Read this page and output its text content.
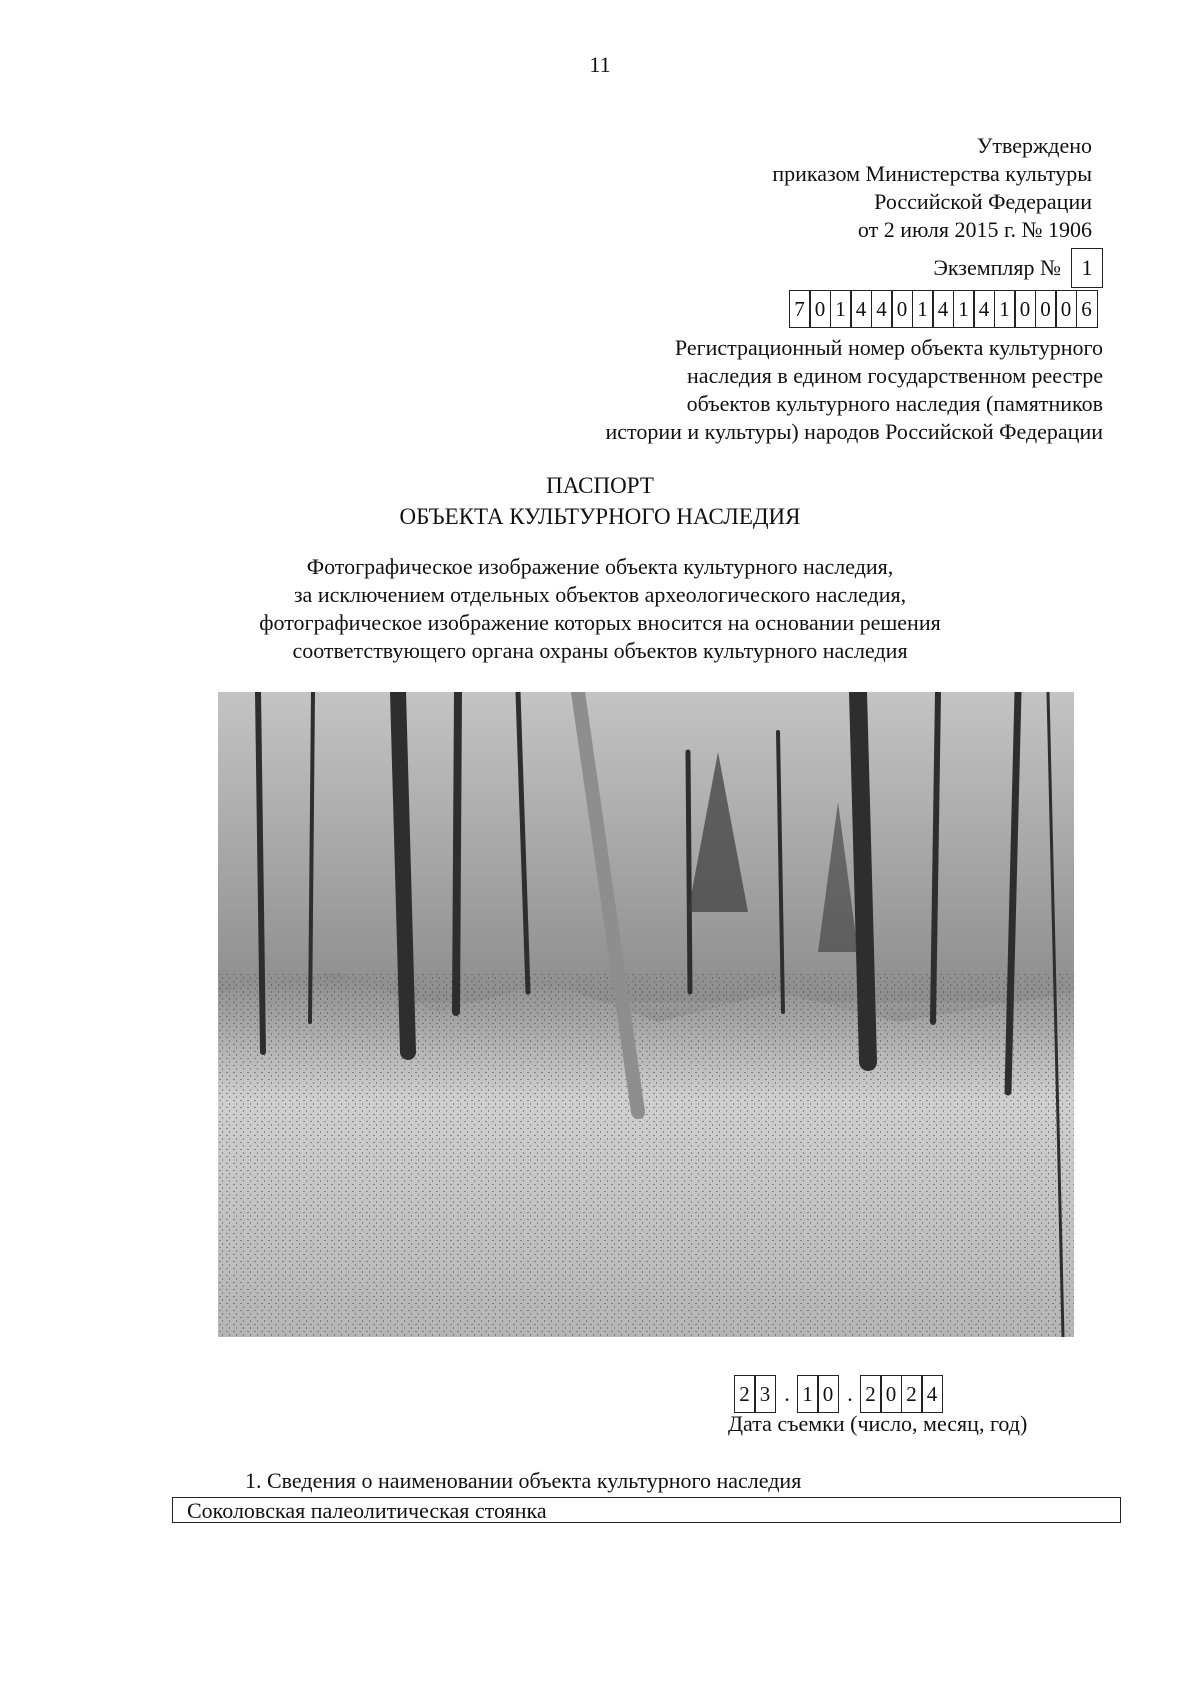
11
Утверждено
приказом Министерства культуры
Российской Федерации
от 2 июля 2015 г. № 1906
Экземпляр № 1
7 0 1 4 4 0 1 4 1 4 1 0 0 0 6
Регистрационный номер объекта культурного
наследия в едином государственном реестре
объектов культурного наследия (памятников
истории и культуры) народов Российской Федерации
ПАСПОРТ
ОБЪЕКТА КУЛЬТУРНОГО НАСЛЕДИЯ
Фотографическое изображение объекта культурного наследия,
за исключением отдельных объектов археологического наследия,
фотографическое изображение которых вносится на основании решения
соответствующего органа охраны объектов культурного наследия
2 3 . 1 0 . 2 0 2 4
Дата съемки (число, месяц, год)
1. Сведения о наименовании объекта культурного наследия
Соколовская палеолитическая стоянка
